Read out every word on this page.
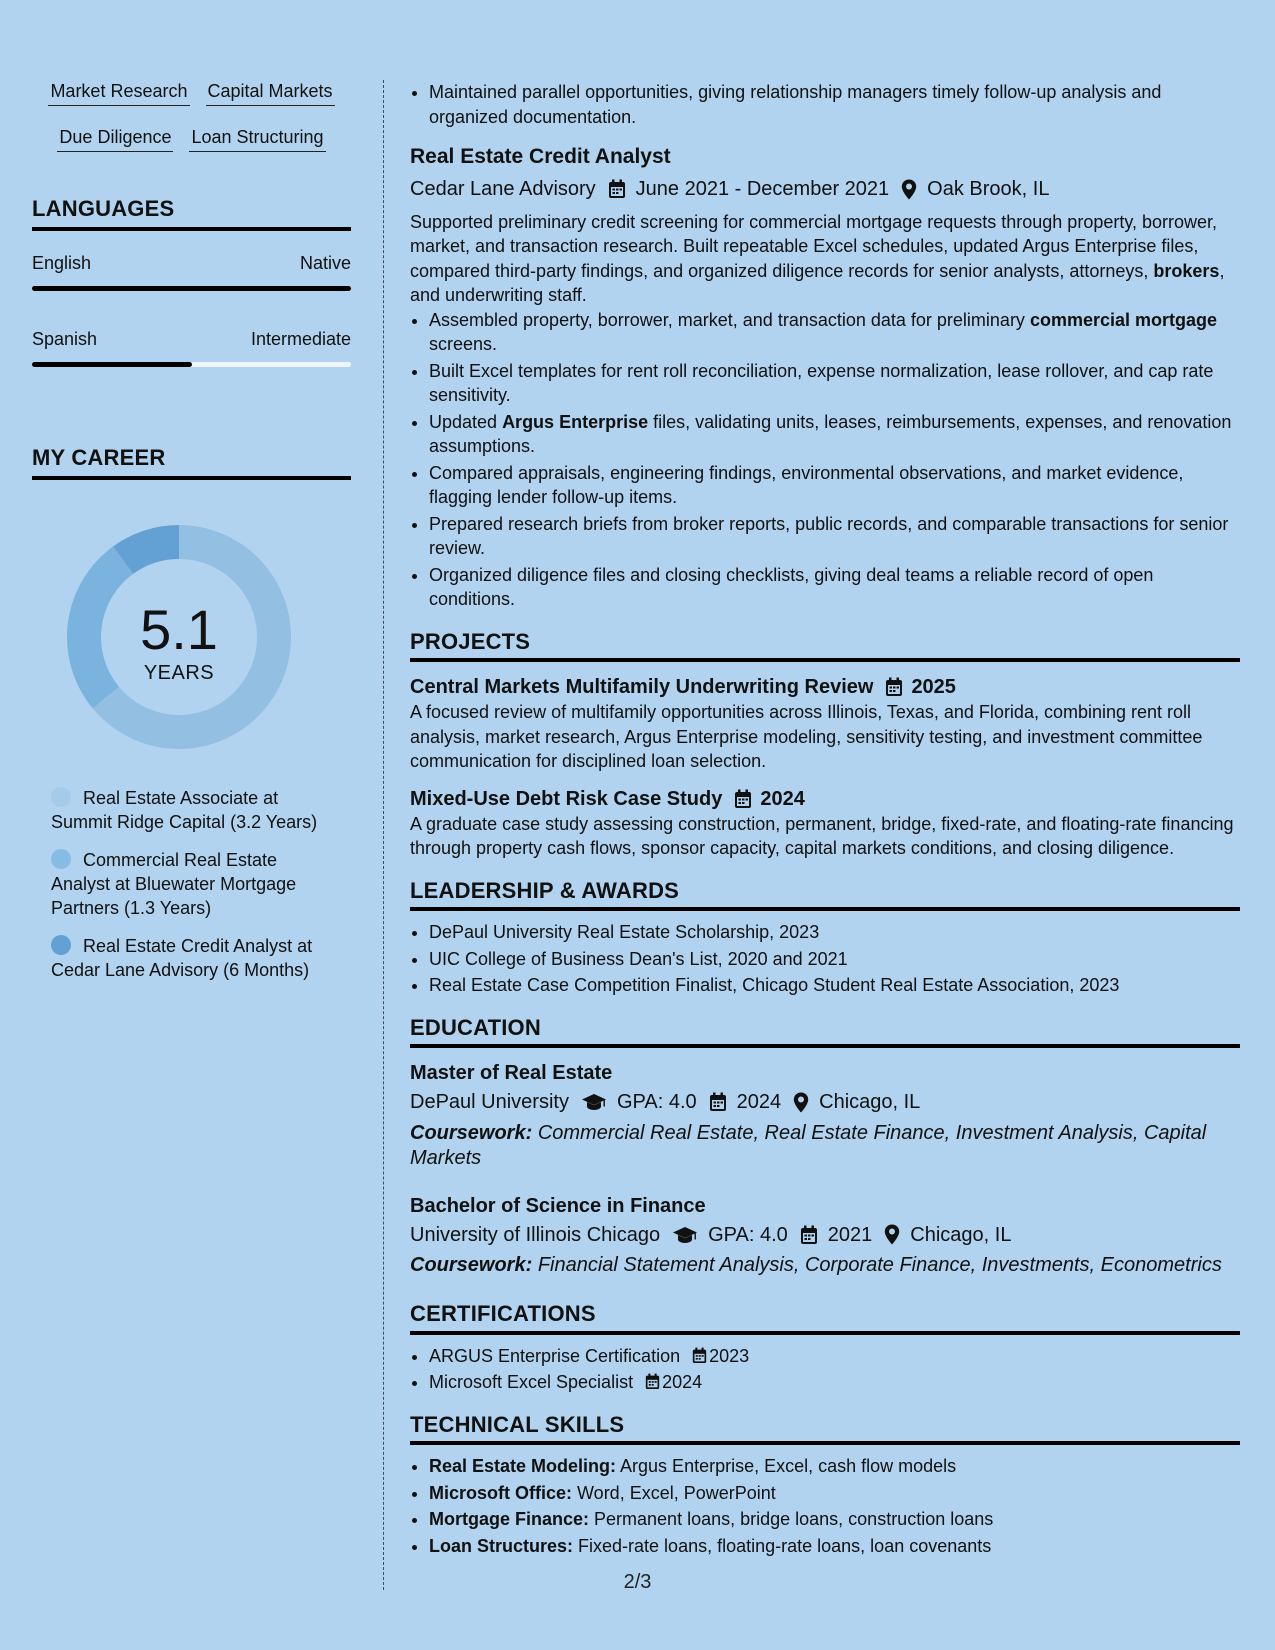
Market Research Capital Markets
Due Diligence Loan Structuring
LANGUAGES
English	Native
Spanish	Intermediate
MY CAREER
5.1
YEARS
Real Estate Associate at Summit Ridge Capital (3.2 Years)
Commercial Real Estate Analyst at Bluewater Mortgage Partners (1.3 Years)
Real Estate Credit Analyst at Cedar Lane Advisory (6 Months)
• Maintained parallel opportunities, giving relationship managers timely follow-up analysis and organized documentation.
Real Estate Credit Analyst
Cedar Lane Advisory June 2021 - December 2021 Oak Brook, IL

Supported preliminary credit screening for commercial mortgage requests through property, borrower, market, and transaction research. Built repeatable Excel schedules, updated Argus Enterprise files, compared third-party findings, and organized diligence records for senior analysts, attorneys, brokers, and underwriting staff.

• Assembled property, borrower, market, and transaction data for preliminary commercial mortgage screens.
• Built Excel templates for rent roll reconciliation, expense normalization, lease rollover, and cap rate sensitivity.
• Updated Argus Enterprise files, validating units, leases, reimbursements, expenses, and renovation assumptions.
• Compared appraisals, engineering findings, environmental observations, and market evidence, flagging lender follow-up items.
• Prepared research briefs from broker reports, public records, and comparable transactions for senior review.
• Organized diligence files and closing checklists, giving deal teams a reliable record of open conditions.
PROJECTS
Central Markets Multifamily Underwriting Review 2025

A focused review of multifamily opportunities across Illinois, Texas, and Florida, combining rent roll analysis, market research, Argus Enterprise modeling, sensitivity testing, and investment committee communication for disciplined loan selection.

Mixed-Use Debt Risk Case Study 2024

A graduate case study assessing construction, permanent, bridge, fixed-rate, and floating-rate financing through property cash flows, sponsor capacity, capital markets conditions, and closing diligence.

LEADERSHIP & AWARDS
• DePaul University Real Estate Scholarship, 2023
• UIC College of Business Dean's List, 2020 and 2021
• Real Estate Case Competition Finalist, Chicago Student Real Estate Association, 2023
EDUCATION
Master of Real Estate
DePaul University GPA: 4.0 2024 Chicago, IL
Coursework: Commercial Real Estate, Real Estate Finance, Investment Analysis, Capital Markets
Bachelor of Science in Finance
University of Illinois Chicago GPA: 4.0 2021 Chicago, IL
Coursework: Financial Statement Analysis, Corporate Finance, Investments, Econometrics
CERTIFICATIONS
• ARGUS Enterprise Certification 2023
• Microsoft Excel Specialist 2024
TECHNICAL SKILLS
• Real Estate Modeling: Argus Enterprise, Excel, cash flow models
• Microsoft Office: Word, Excel, PowerPoint
• Mortgage Finance: Permanent loans, bridge loans, construction loans
• Loan Structures: Fixed-rate loans, floating-rate loans, loan covenants
2/3
